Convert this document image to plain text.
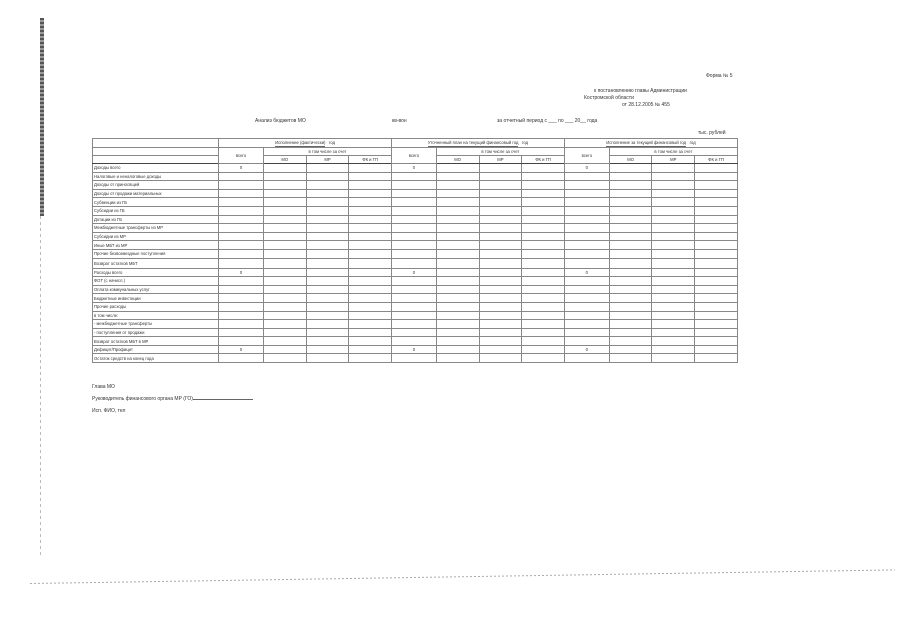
Форма № 5
к постановлению главы Администрации
Костромской области
от 28.12.2005 № 455
Анализ бюджетов МО	кв-вон	за отчетный период с ___ по ___ 20__ года
тыс. рублей
	Исполнение (фактически) год				Уточненный план на текущий финансовый год год				Исполнение за текущий финансовый год год			
	всего	в том числе за счет			всего	в том числе за счет			всего	в том числе за счет		
		МО	МР	ФК и ГП		МО	МР	ФК и ГП		МО	МР	ФК и ГП
Доходы всего	0				0				0			
Налоговые и неналоговые доходы												
Доходы от приносящей												
Доходы от продажи материальных												
Субвенции из ГБ												
Субсидии из ГБ												
Дотации из ГБ												
Межбюджетные трансферты из МР												
Субсидии из МР												
Иные МБТ из МР												
Прочие безвозмездные поступления												
Возврат остатков МБТ												
Расходы всего	0				0				0			
ФОТ (с начисл.)												
Оплата коммунальных услуг												
Бюджетные инвестиции												
Прочие расходы												
в том числе:												
- межбюджетные трансферты												
- поступления от продажи												
Возврат остатков МБТ в МР												
Дефицит/Профицит	0				0				0			
Остаток средств на конец года												
Глава МО
Руководитель финансового органа МР (ГО)
Исп. ФИО, тел
